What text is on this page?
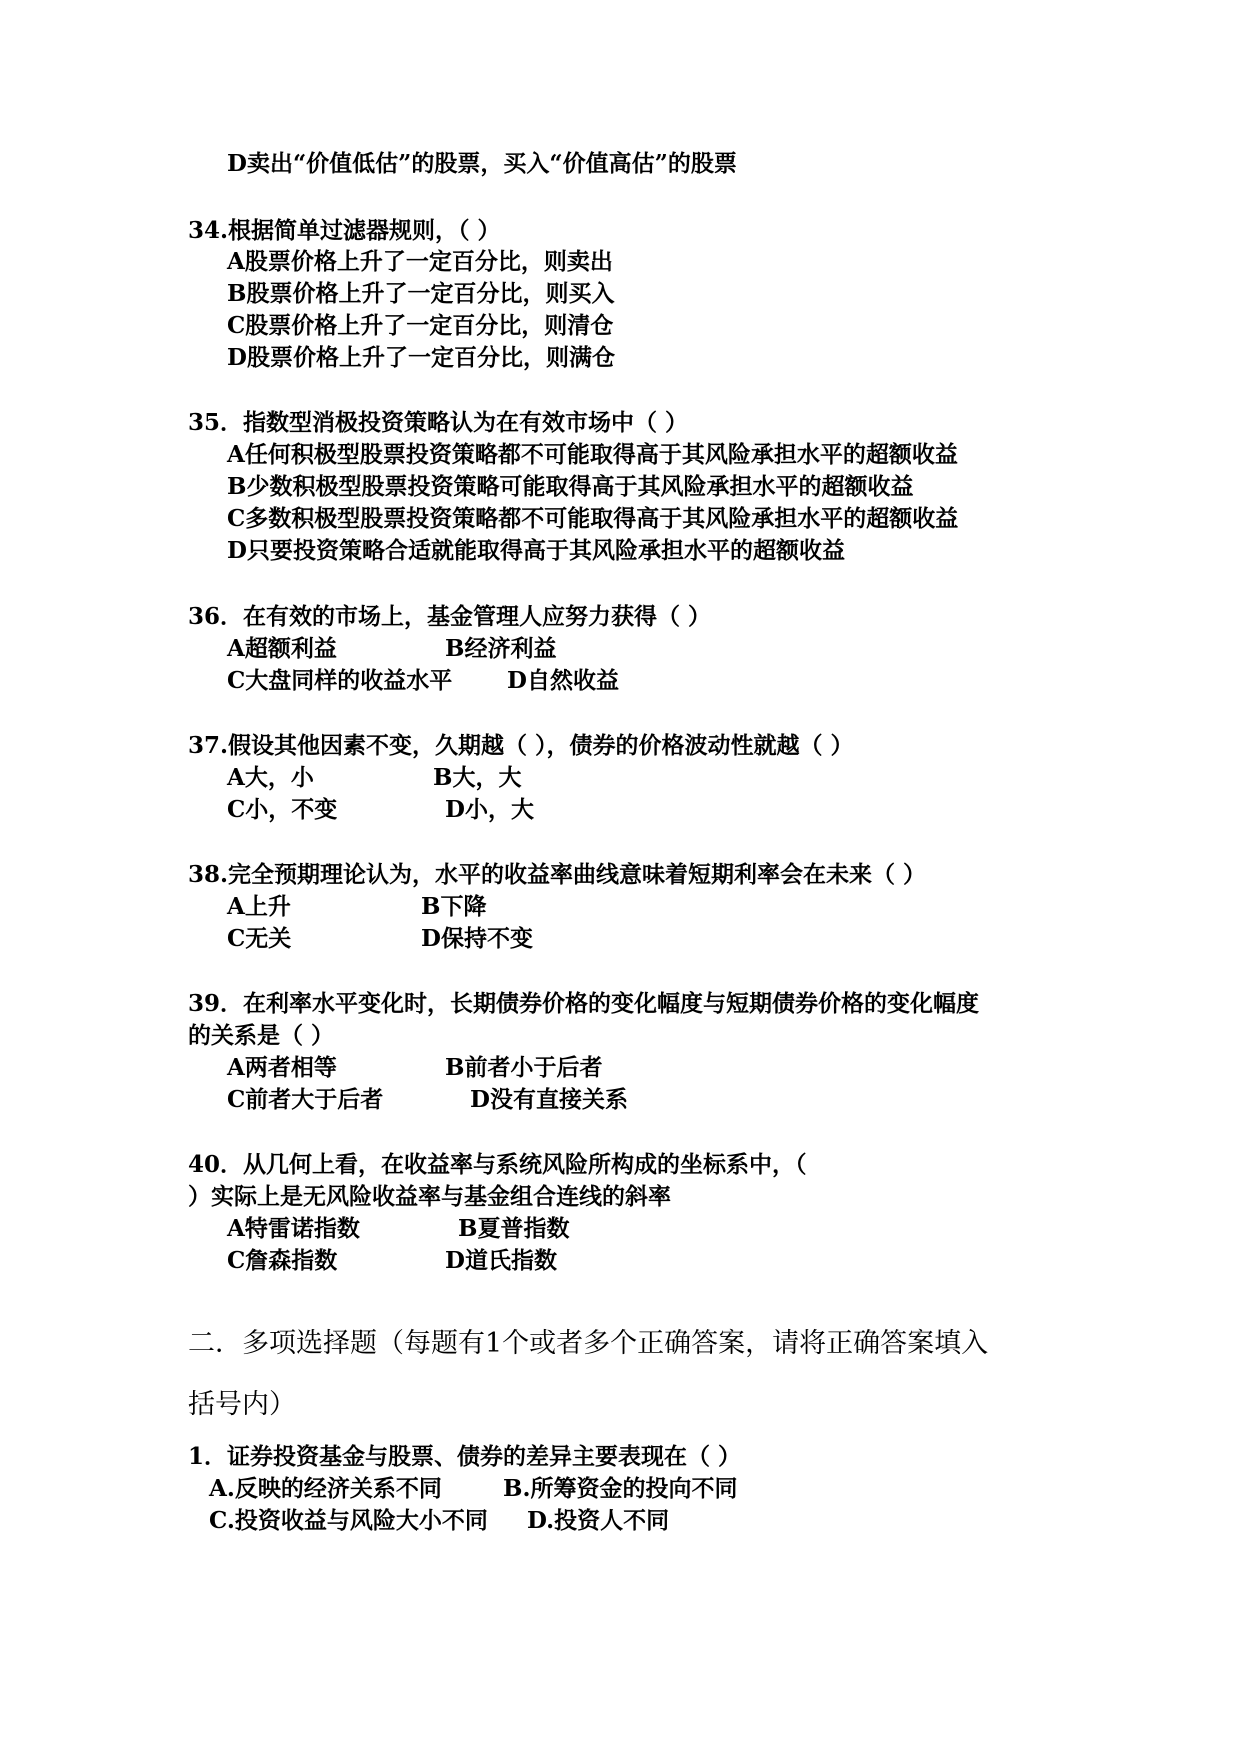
D卖出“价值低估”的股票，买入“价值高估”的股票
34.根据简单过滤器规则，（ ）
A股票价格上升了一定百分比，则卖出
B股票价格上升了一定百分比，则买入
C股票价格上升了一定百分比，则清仓
D股票价格上升了一定百分比，则满仓
35．指数型消极投资策略认为在有效市场中（ ）
A任何积极型股票投资策略都不可能取得高于其风险承担水平的超额收益
B少数积极型股票投资策略可能取得高于其风险承担水平的超额收益
C多数积极型股票投资策略都不可能取得高于其风险承担水平的超额收益
D只要投资策略合适就能取得高于其风险承担水平的超额收益
36．在有效的市场上，基金管理人应努力获得（ ）
A超额利益	B经济利益
C大盘同样的收益水平 D自然收益
37.假设其他因素不变，久期越（ ），债券的价格波动性就越（ ）
A大，小	B大，大
C小，不变	D小，大
38.完全预期理论认为，水平的收益率曲线意味着短期利率会在未来（ ）
A上升	B下降
C无关	D保持不变
39．在利率水平变化时，长期债券价格的变化幅度与短期债券价格的变化幅度
的关系是（ ）
A两者相等	B前者小于后者
C前者大于后者	D没有直接关系
40．从几何上看，在收益率与系统风险所构成的坐标系中，（
）实际上是无风险收益率与基金组合连线的斜率
A特雷诺指数	B夏普指数
C詹森指数	D道氏指数
二．多项选择题（每题有1个或者多个正确答案，请将正确答案填入
括号内）
1．证券投资基金与股票、债券的差异主要表现在（ ）
A.反映的经济关系不同	B.所筹资金的投向不同
C.投资收益与风险大小不同 D.投资人不同
